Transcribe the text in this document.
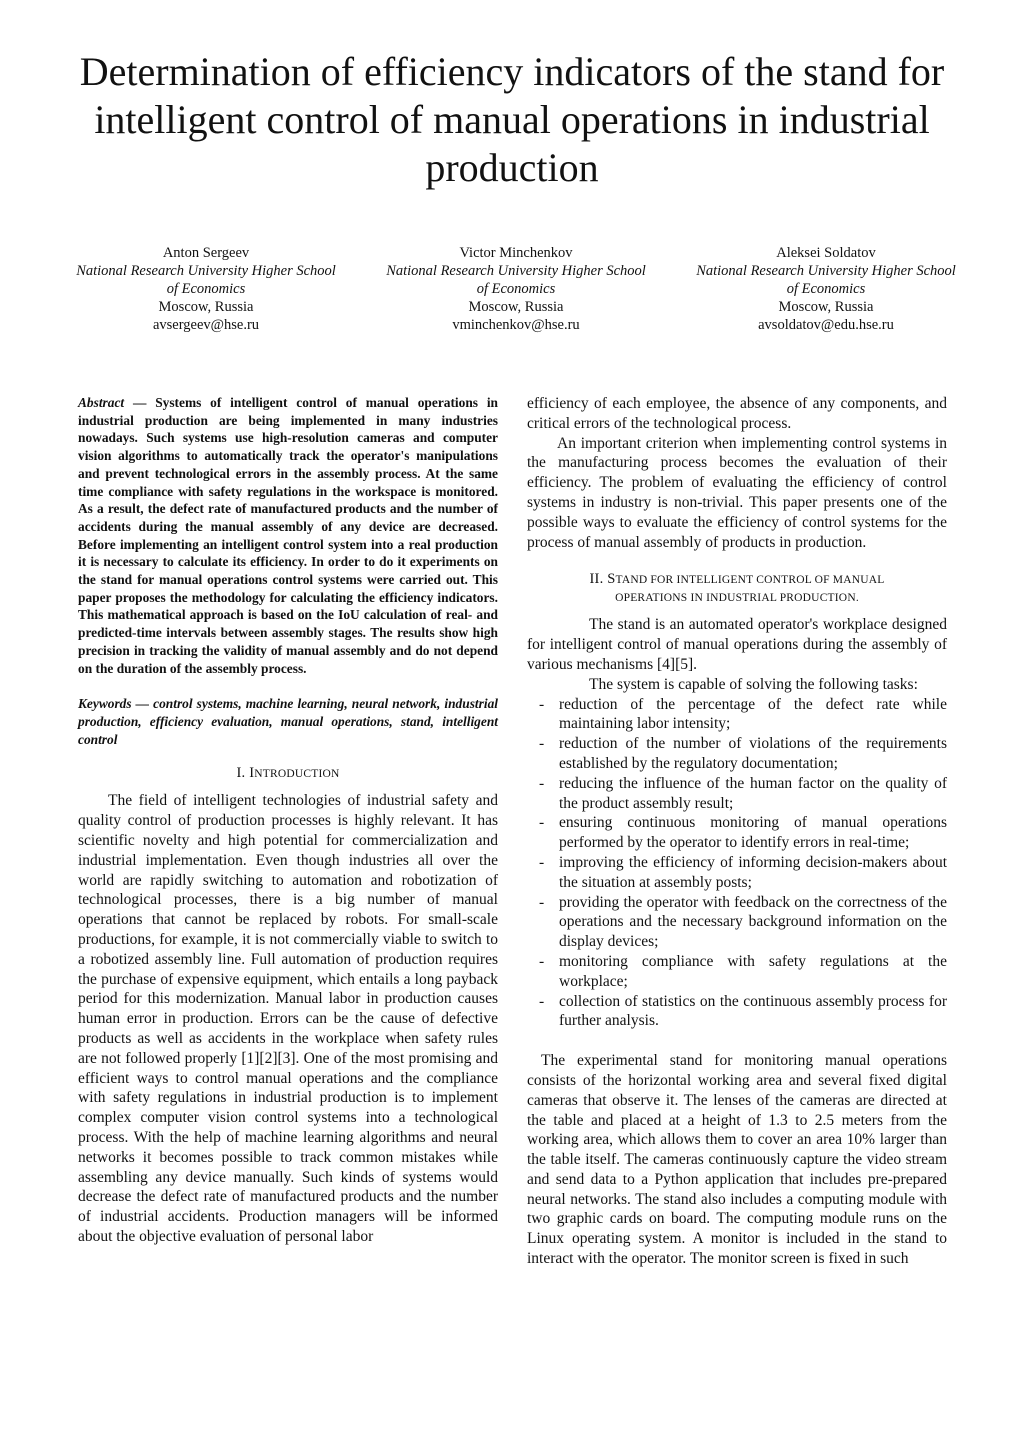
Determination of efficiency indicators of the stand for intelligent control of manual operations in industrial production
Anton Sergeev
National Research University Higher School of Economics
Moscow, Russia
avsergeev@hse.ru
Victor Minchenkov
National Research University Higher School of Economics
Moscow, Russia
vminchenkov@hse.ru
Aleksei Soldatov
National Research University Higher School of Economics
Moscow, Russia
avsoldatov@edu.hse.ru

Abstract — Systems of intelligent control of manual operations in industrial production are being implemented in many industries nowadays. Such systems use high-resolution cameras and computer vision algorithms to automatically track the operator's manipulations and prevent technological errors in the assembly process. At the same time compliance with safety regulations in the workspace is monitored. As a result, the defect rate of manufactured products and the number of accidents during the manual assembly of any device are decreased. Before implementing an intelligent control system into a real production it is necessary to calculate its efficiency. In order to do it experiments on the stand for manual operations control systems were carried out. This paper proposes the methodology for calculating the efficiency indicators. This mathematical approach is based on the IoU calculation of real- and predicted-time intervals between assembly stages. The results show high precision in tracking the validity of manual assembly and do not depend on the duration of the assembly process.

Keywords — control systems, machine learning, neural network, industrial production, efficiency evaluation, manual operations, stand, intelligent control

I. INTRODUCTION

The field of intelligent technologies of industrial safety and quality control of production processes is highly relevant. It has scientific novelty and high potential for commercialization and industrial implementation. Even though industries all over the world are rapidly switching to automation and robotization of technological processes, there is a big number of manual operations that cannot be replaced by robots. For small-scale productions, for example, it is not commercially viable to switch to a robotized assembly line. Full automation of production requires the purchase of expensive equipment, which entails a long payback period for this modernization. Manual labor in production causes human error in production. Errors can be the cause of defective products as well as accidents in the workplace when safety rules are not followed properly [1][2][3]. One of the most promising and efficient ways to control manual operations and the compliance with safety regulations in industrial production is to implement complex computer vision control systems into a technological process. With the help of machine learning algorithms and neural networks it becomes possible to track common mistakes while assembling any device manually. Such kinds of systems would decrease the defect rate of manufactured products and the number of industrial accidents. Production managers will be informed about the objective evaluation of personal labor

efficiency of each employee, the absence of any components, and critical errors of the technological process.

An important criterion when implementing control systems in the manufacturing process becomes the evaluation of their efficiency. The problem of evaluating the efficiency of control systems in industry is non-trivial. This paper presents one of the possible ways to evaluate the efficiency of control systems for the process of manual assembly of products in production.

II. STAND FOR INTELLIGENT CONTROL OF MANUAL
OPERATIONS IN INDUSTRIAL PRODUCTION.

The stand is an automated operator's workplace designed for intelligent control of manual operations during the assembly of various mechanisms [4][5].

The system is capable of solving the following tasks:

- reduction of the percentage of the defect rate while maintaining labor intensity;
- reduction of the number of violations of the requirements established by the regulatory documentation;
- reducing the influence of the human factor on the quality of the product assembly result;
- ensuring continuous monitoring of manual operations performed by the operator to identify errors in real-time;
- improving the efficiency of informing decision-makers about the situation at assembly posts;
- providing the operator with feedback on the correctness of the operations and the necessary background information on the display devices;
- monitoring compliance with safety regulations at the workplace;
- collection of statistics on the continuous assembly process for further analysis.

The experimental stand for monitoring manual operations consists of the horizontal working area and several fixed digital cameras that observe it. The lenses of the cameras are directed at the table and placed at a height of 1.3 to 2.5 meters from the working area, which allows them to cover an area 10% larger than the table itself. The cameras continuously capture the video stream and send data to a Python application that includes pre-prepared neural networks. The stand also includes a computing module with two graphic cards on board. The computing module runs on the Linux operating system. A monitor is included in the stand to interact with the operator. The monitor screen is fixed in such
